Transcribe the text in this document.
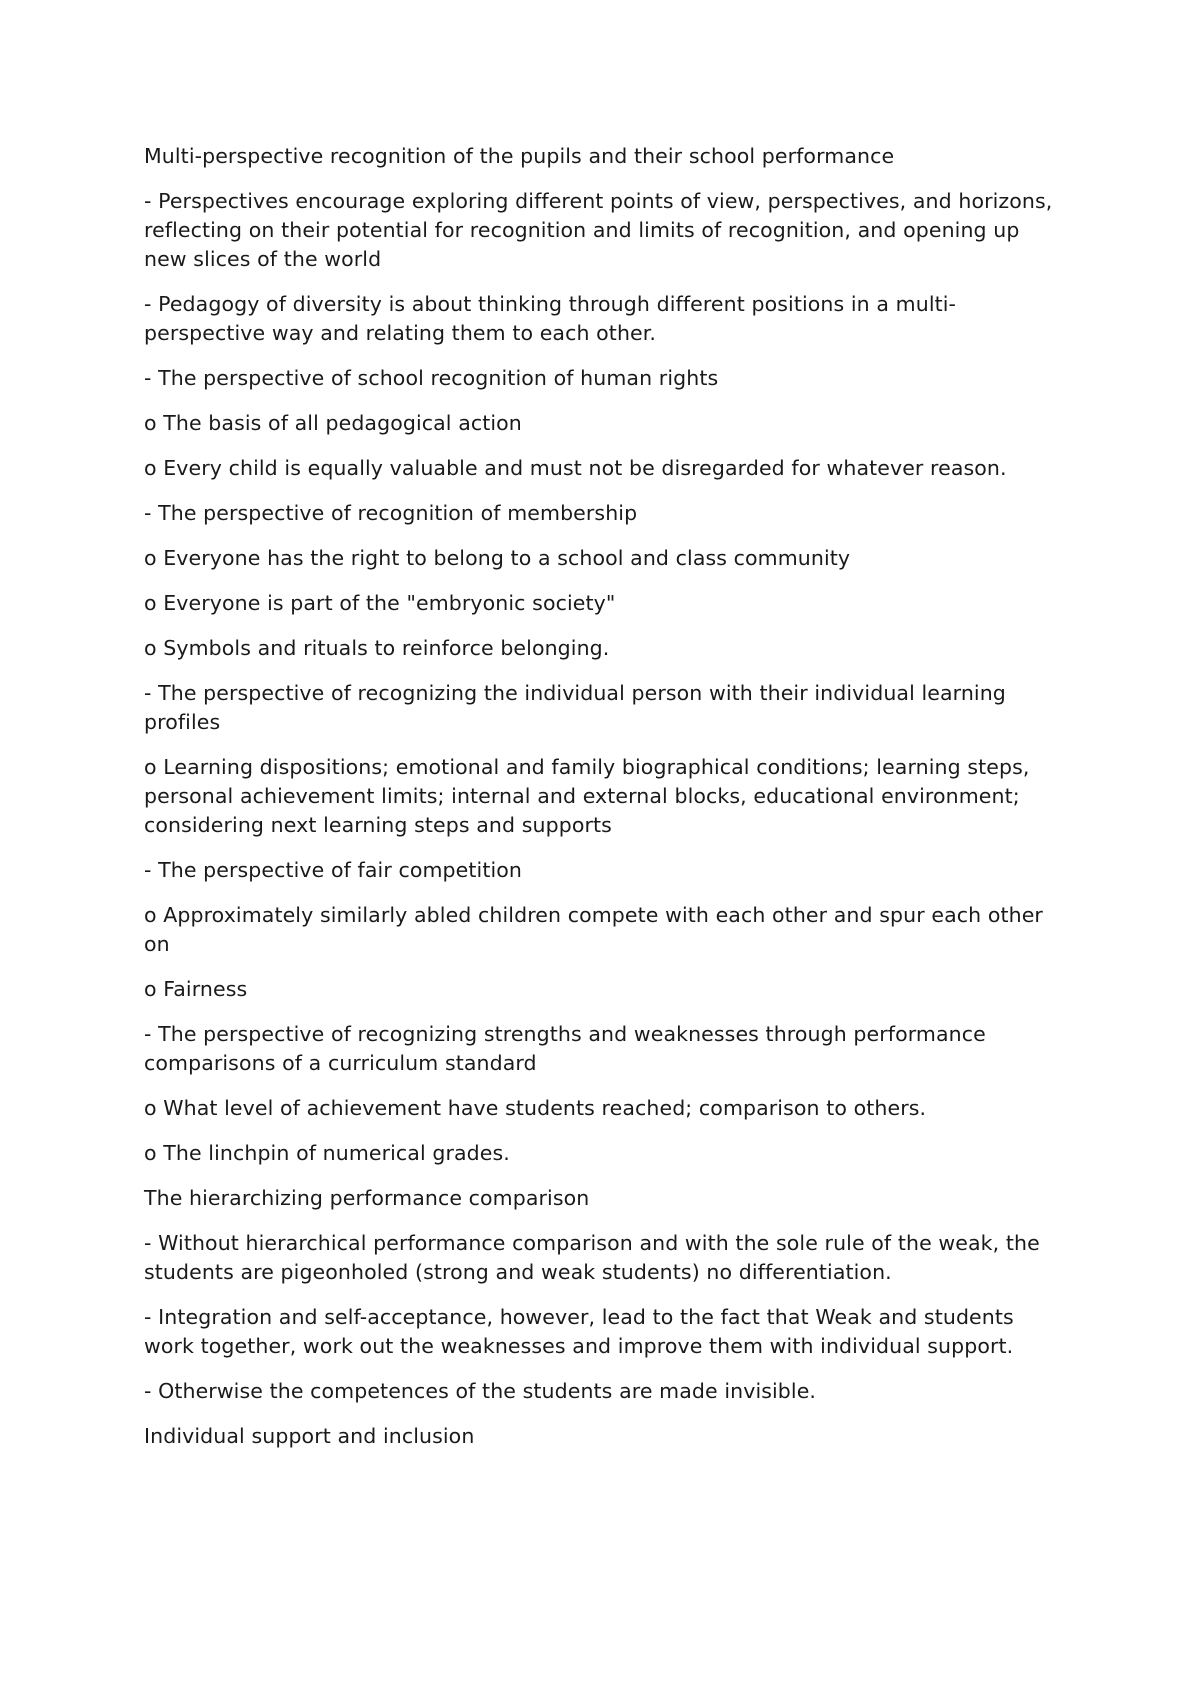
Multi-perspective recognition of the pupils and their school performance

- Perspectives encourage exploring different points of view, perspectives, and horizons, reflecting on their potential for recognition and limits of recognition, and opening up new slices of the world

- Pedagogy of diversity is about thinking through different positions in a multi-perspective way and relating them to each other.

- The perspective of school recognition of human rights

o The basis of all pedagogical action

o Every child is equally valuable and must not be disregarded for whatever reason.

- The perspective of recognition of membership

o Everyone has the right to belong to a school and class community

o Everyone is part of the "embryonic society"

o Symbols and rituals to reinforce belonging.

- The perspective of recognizing the individual person with their individual learning profiles

o Learning dispositions; emotional and family biographical conditions; learning steps, personal achievement limits; internal and external blocks, educational environment; considering next learning steps and supports

- The perspective of fair competition

o Approximately similarly abled children compete with each other and spur each other on

o Fairness

- The perspective of recognizing strengths and weaknesses through performance comparisons of a curriculum standard

o What level of achievement have students reached; comparison to others.

o The linchpin of numerical grades.

The hierarchizing performance comparison

- Without hierarchical performance comparison and with the sole rule of the weak, the students are pigeonholed (strong and weak students) no differentiation.

- Integration and self-acceptance, however, lead to the fact that Weak and students work together, work out the weaknesses and improve them with individual support.

- Otherwise the competences of the students are made invisible.

Individual support and inclusion
